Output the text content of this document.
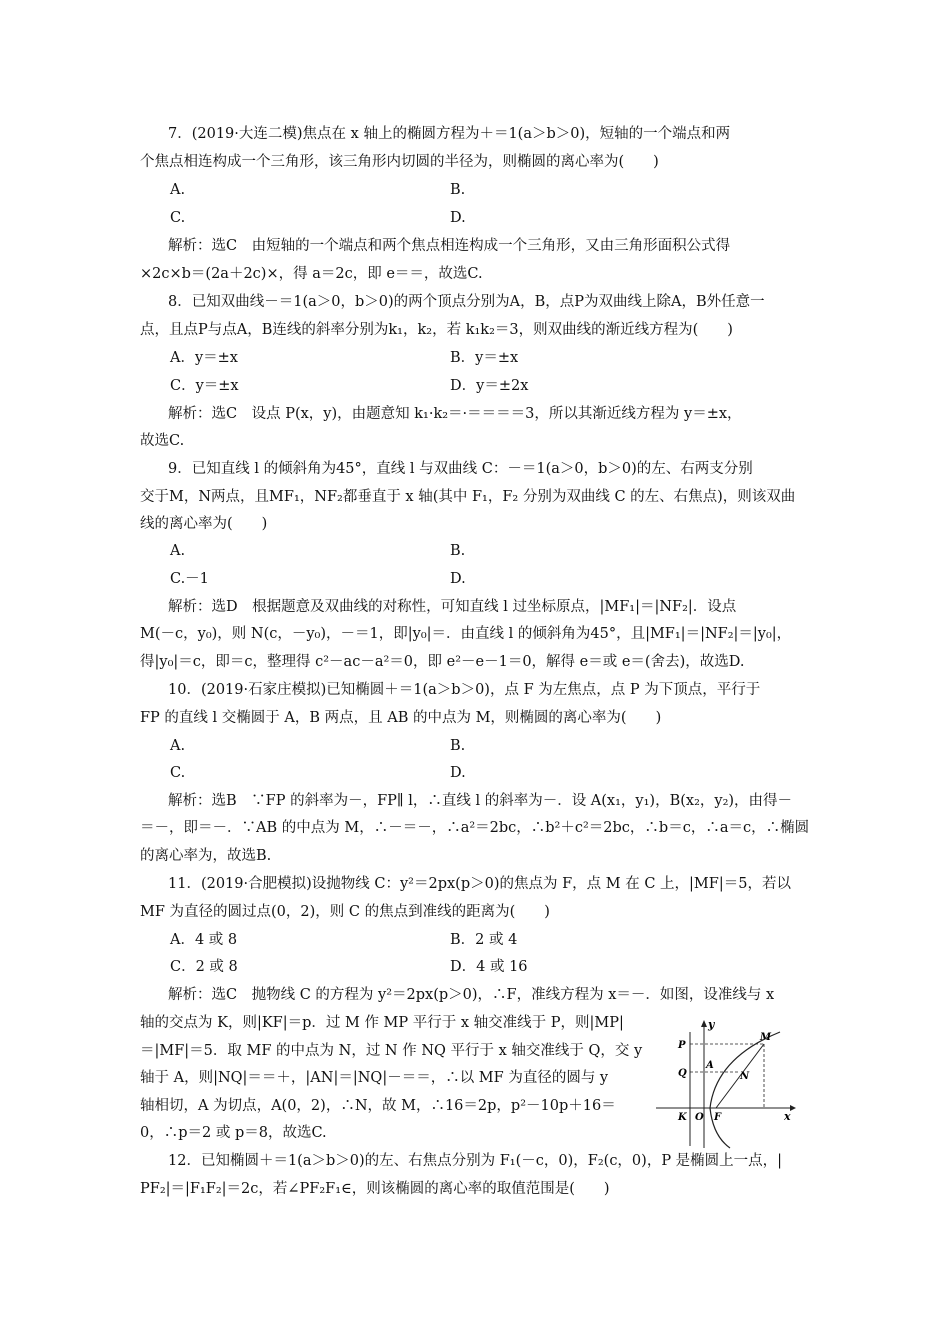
7．(2019·大连二模)焦点在 x 轴上的椭圆方程为＋＝1(a＞b＞0)，短轴的一个端点和两
个焦点相连构成一个三角形，该三角形内切圆的半径为，则椭圆的离心率为(　　)
A.	B.
C.	D.
解析：选C　由短轴的一个端点和两个焦点相连构成一个三角形，又由三角形面积公式得
×2c×b＝(2a＋2c)×，得 a＝2c，即 e＝＝，故选C.
8．已知双曲线－＝1(a＞0，b＞0)的两个顶点分别为A，B，点P为双曲线上除A，B外任意一
点，且点P与点A，B连线的斜率分别为k₁，k₂，若 k₁k₂＝3，则双曲线的渐近线方程为(　　)
A．y＝±x	B．y＝±x
C．y＝±x	D．y＝±2x
解析：选C　设点 P(x，y)，由题意知 k₁·k₂＝·＝＝＝＝3，所以其渐近线方程为 y＝±x，
故选C.
9．已知直线 l 的倾斜角为45°，直线 l 与双曲线 C：－＝1(a＞0，b＞0)的左、右两支分别
交于M，N两点，且MF₁，NF₂都垂直于 x 轴(其中 F₁，F₂ 分别为双曲线 C 的左、右焦点)，则该双曲
线的离心率为(　　)
A.	B.
C.－1	D.
解析：选D　根据题意及双曲线的对称性，可知直线 l 过坐标原点，|MF₁|＝|NF₂|．设点
M(－c，y₀)，则 N(c，－y₀)，－＝1，即|y₀|＝．由直线 l 的倾斜角为45°，且|MF₁|＝|NF₂|＝|y₀|，
得|y₀|＝c，即＝c，整理得 c²－ac－a²＝0，即 e²－e－1＝0，解得 e＝或 e＝(舍去)，故选D.
10．(2019·石家庄模拟)已知椭圆＋＝1(a＞b＞0)，点 F 为左焦点，点 P 为下顶点，平行于
FP 的直线 l 交椭圆于 A，B 两点，且 AB 的中点为 M，则椭圆的离心率为(　　)
A.	B.
C.	D.
解析：选B　∵FP 的斜率为－，FP∥ l，∴直线 l 的斜率为－．设 A(x₁，y₁)，B(x₂，y₂)，由得－
＝－，即＝－．∵AB 的中点为 M，∴－＝－，∴a²＝2bc，∴b²＋c²＝2bc，∴b＝c，∴a＝c，∴椭圆
的离心率为，故选B.
11．(2019·合肥模拟)设抛物线 C：y²＝2px(p＞0)的焦点为 F，点 M 在 C 上，|MF|＝5，若以
MF 为直径的圆过点(0，2)，则 C 的焦点到准线的距离为(　　)
A．4 或 8	B．2 或 4
C．2 或 8	D．4 或 16
解析：选C　抛物线 C 的方程为 y²＝2px(p＞0)，∴F，准线方程为 x＝－．如图，设准线与 x
轴的交点为 K，则|KF|＝p．过 M 作 MP 平行于 x 轴交准线于 P，则|MP|
＝|MF|＝5．取 MF 的中点为 N，过 N 作 NQ 平行于 x 轴交准线于 Q，交 y
轴于 A，则|NQ|＝＝＋，|AN|＝|NQ|－＝＝，∴以 MF 为直径的圆与 y
轴相切，A 为切点，A(0，2)，∴N，故 M，∴16＝2p，p²－10p＋16＝
0，∴p＝2 或 p＝8，故选C.
y
x
M
P
Q
A
N
K O F
12．已知椭圆＋＝1(a＞b＞0)的左、右焦点分别为 F₁(－c，0)，F₂(c，0)，P 是椭圆上一点，|
PF₂|＝|F₁F₂|＝2c，若∠PF₂F₁∈，则该椭圆的离心率的取值范围是(　　)
